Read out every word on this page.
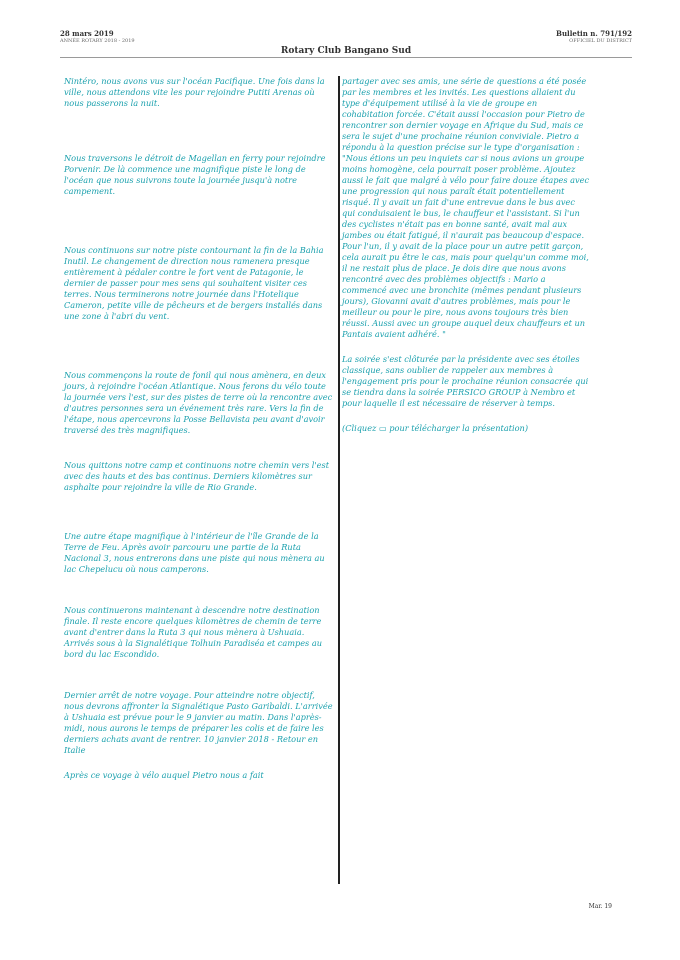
28 mars 2019
ANNÉE ROTARY 2018 - 2019
Rotary Club Bangano Sud
Bulletin n. 791/192
OFFICIEL DU DISTRICT

Nintéro, nous avons vus sur l'océan Pacifique. Une fois dans la ville, nous attendons vite les pour rejoindre Putiti Arenas où nous passerons la nuit.

Nous traversons le détroit de Magellan en ferry pour rejoindre Porvenir. De là commence une magnifique piste le long de l'océan que nous suivrons toute la journée jusqu'à notre campement.

Nous continuons sur notre piste contournant la fin de la Bahia Inutil. Le changement de direction nous ramenera presque entièrement à pédaler contre le fort vent de Patagonie, le dernier de passer pour mes sens qui souhaitent visiter ces terres. Nous terminerons notre journée dans l'Hotelique Cameron, petite ville de pêcheurs et de bergers installés dans une zone à l'abri du vent.

Nous commençons la route de fonil qui nous amènera, en deux jours, à rejoindre l'océan Atlantique. Nous ferons du vélo toute la journée vers l'est, sur des pistes de terre où la rencontre avec d'autres personnes sera un événement très rare. Vers la fin de l'étape, nous apercevrons la Posse Bellavista peu avant d'avoir traversé des très magnifiques.

Nous quittons notre camp et continuons notre chemin vers l'est avec des hauts et des bas continus. Derniers kilomètres sur asphalte pour rejoindre la ville de Rio Grande.

Une autre étape magnifique à l'intérieur de l'île Grande de la Terre de Feu. Après avoir parcouru une partie de la Ruta Nacional 3, nous entrerons dans une piste qui nous mènera au lac Chepelucu où nous camperons.

Nous continuerons maintenant à descendre notre destination finale. Il reste encore quelques kilomètres de chemin de terre avant d'entrer dans la Ruta 3 qui nous mènera à Ushuaia. Arrivés sous à la Signalétique Tolhuin Paradiséa et campes au bord du lac Escondido.

Dernier arrêt de notre voyage. Pour atteindre notre objectif, nous devrons affronter la Signalétique Pasto Garibaldi. L'arrivée à Ushuaia est prévue pour le 9 janvier au matin. Dans l'après-midi, nous aurons le temps de préparer les colis et de faire les derniers achats avant de rentrer. 10 janvier 2018 - Retour en Italie

Après ce voyage à vélo auquel Pietro nous a fait

partager avec ses amis, une série de questions a été posée par les membres et les invités. Les questions allaient du type d'équipement utilisé à la vie de groupe en cohabitation forcée. C'était aussi l'occasion pour Pietro de rencontrer son dernier voyage en Afrique du Sud, mais ce sera le sujet d'une prochaine réunion conviviale. Pietro a répondu à la question précise sur le type d'organisation : "Nous étions un peu inquiets car si nous avions un groupe moins homogène, cela pourrait poser problème. Ajoutez aussi le fait que malgré à vélo pour faire douze étapes avec une progression qui nous paraît était potentiellement risqué. Il y avait un fait d'une entrevue dans le bus avec qui conduisaient le bus, le chauffeur et l'assistant. Si l'un des cyclistes n'était pas en bonne santé, avait mal aux jambes ou était fatigué, il n'aurait pas beaucoup d'espace. Pour l'un, il y avait de la place pour un autre petit garçon, cela aurait pu être le cas, mais pour quelqu'un comme moi, il ne restait plus de place. Je dois dire que nous avons rencontré avec des problèmes objectifs : Mario a commencé avec une bronchite (mêmes pendant plusieurs jours), Giovanni avait d'autres problèmes, mais pour le meilleur ou pour le pire, nous avons toujours très bien réussi. Aussi avec un groupe auquel deux chauffeurs et un Pantais avaient adhéré. "

La soirée s'est clôturée par la présidente avec ses étoiles classique, sans oublier de rappeler aux membres à l'engagement pris pour le prochaine réunion consacrée qui se tiendra dans la soirée PERSICO GROUP à Nembro et pour laquelle il est nécessaire de réserver à temps.

(Cliquez ▭ pour télécharger la présentation)

Mar. 19
